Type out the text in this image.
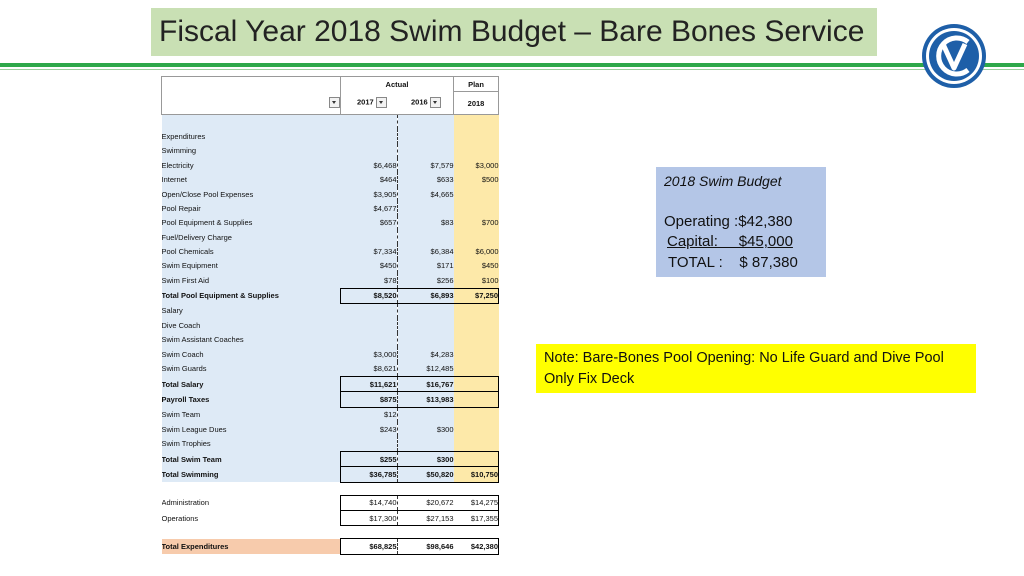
Fiscal Year 2018 Swim Budget – Bare Bones Service
	Actual		Plan
	2017	2016	2018

Expenditures			
Swimming			
Electricity	$6,468	$7,579	$3,000
Internet	$464	$633	$500
Open/Close Pool Expenses	$3,905	$4,665	
Pool Repair	$4,677		
Pool Equipment & Supplies	$657	$83	$700
Fuel/Delivery Charge			
Pool Chemicals	$7,334	$6,384	$6,000
Swim Equipment	$450	$171	$450
Swim First Aid	$78	$256	$100
Total Pool Equipment & Supplies	$8,520	$6,893	$7,250
Salary			
Dive Coach			
Swim Assistant Coaches			
Swim Coach	$3,000	$4,283	
Swim Guards	$8,621	$12,485	
Total Salary	$11,621	$16,767	
Payroll Taxes	$875	$13,983	
Swim Team	$12		
Swim League Dues	$243	$300	
Swim Trophies			
Total Swim Team	$255	$300	
Total Swimming	$36,785	$50,820	$10,750

Administration	$14,740	$20,672	$14,275
Operations	$17,300	$27,153	$17,355

Total Expenditures	$68,825	$98,646	$42,380
2018 Swim Budget
Operating :$42,380
Capital:     $45,000
TOTAL :    $ 87,380
Note: Bare-Bones Pool Opening: No Life Guard and Dive Pool Only Fix Deck
